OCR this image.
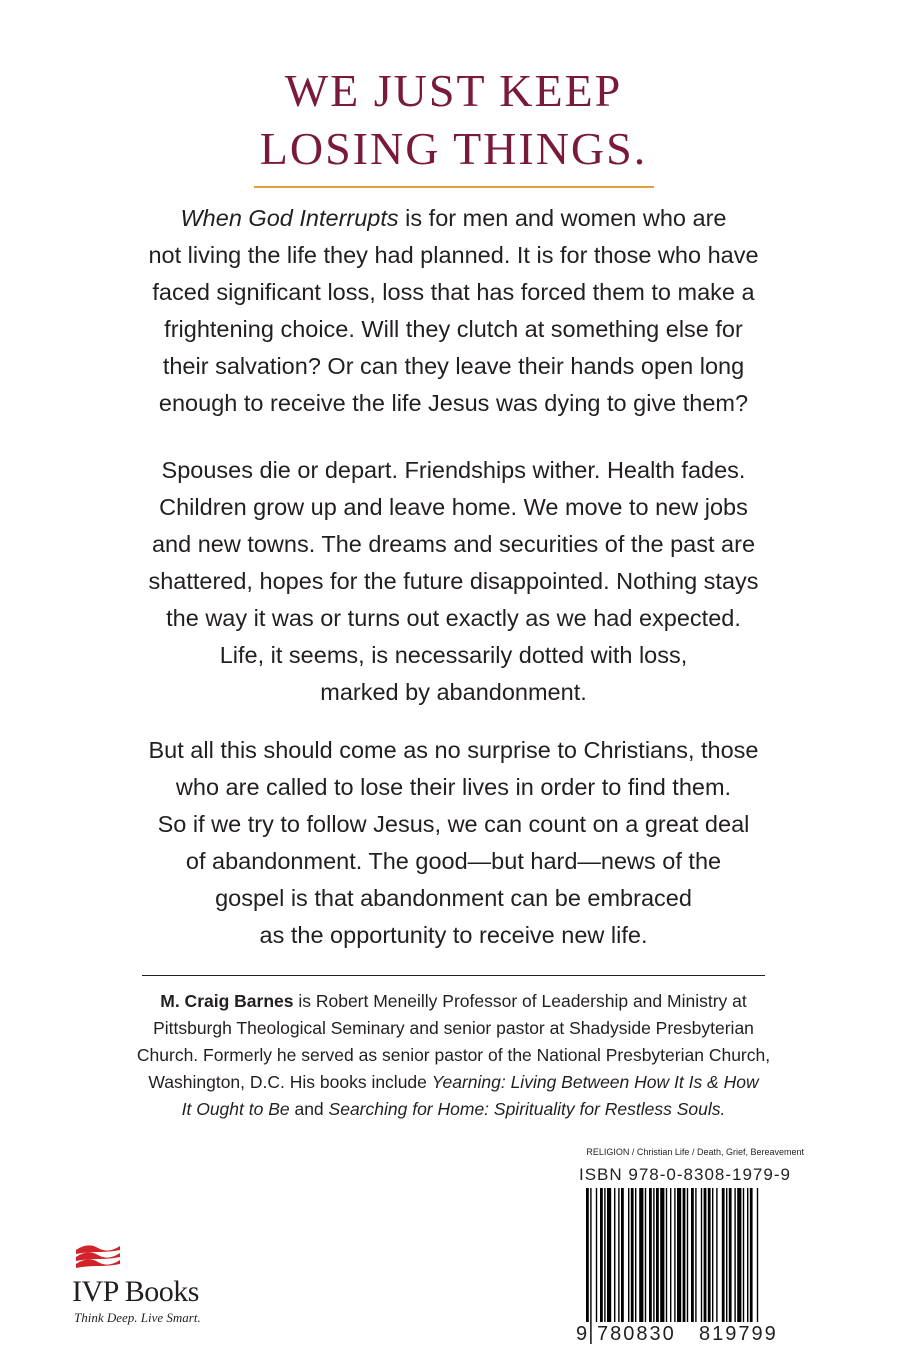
WE JUST KEEP
LOSING THINGS.
When God Interrupts is for men and women who are
not living the life they had planned. It is for those who have
faced significant loss, loss that has forced them to make a
frightening choice. Will they clutch at something else for
their salvation? Or can they leave their hands open long
enough to receive the life Jesus was dying to give them?
Spouses die or depart. Friendships wither. Health fades.
Children grow up and leave home. We move to new jobs
and new towns. The dreams and securities of the past are
shattered, hopes for the future disappointed. Nothing stays
the way it was or turns out exactly as we had expected.
Life, it seems, is necessarily dotted with loss,
marked by abandonment.
But all this should come as no surprise to Christians, those
who are called to lose their lives in order to find them.
So if we try to follow Jesus, we can count on a great deal
of abandonment. The good—but hard—news of the
gospel is that abandonment can be embraced
as the opportunity to receive new life.
M. Craig Barnes is Robert Meneilly Professor of Leadership and Ministry at
Pittsburgh Theological Seminary and senior pastor at Shadyside Presbyterian
Church. Formerly he served as senior pastor of the National Presbyterian Church,
Washington, D.C. His books include Yearning: Living Between How It Is & How
It Ought to Be and Searching for Home: Spirituality for Restless Souls.
RELIGION / Christian Life / Death, Grief, Bereavement
ISBN 978-0-8308-1979-9
9 780830 819799
IVP Books
Think Deep. Live Smart.
